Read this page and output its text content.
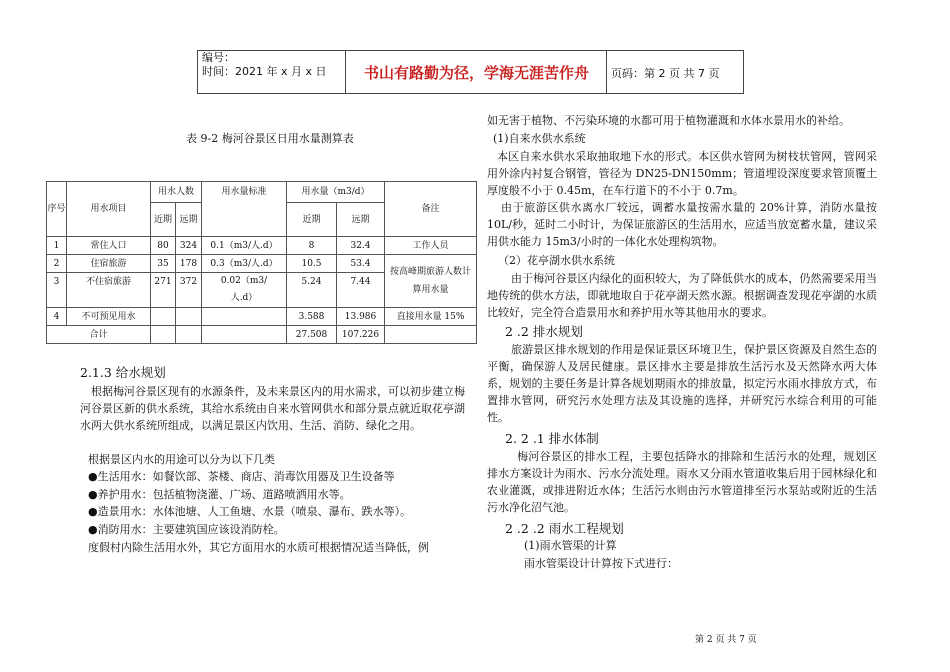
编号：
时间：2021 年 x 月 x 日	书山有路勤为径，学海无涯苦作舟	页码：第 2 页 共 7 页
表 9-2 梅河谷景区日用水量测算表
序号	用水项目	用水人数		用水量标准	用水量（m3/d）		备注
		近期	远期		近期	远期	
1	常住人口	80	324	0.1（m3/人.d）	8	32.4	工作人员
2	住宿旅游	35	178	0.3（m3/人.d）	10.5	53.4	按高峰期旅游人数计算用水量
3	不住宿旅游	271	372	0.02（m3/人.d）	5.24	7.44	
4	不可预见用水				3.588	13.986	直接用水量 15%
合计					27.508	107.226	
2.1.3 给水规划
根据梅河谷景区现有的水源条件，及未来景区内的用水需求，可以初步建立梅河谷景区新的供水系统，其给水系统由自来水管网供水和部分景点就近取花亭湖水两大供水系统所组成，以满足景区内饮用、生活、消防、绿化之用。
根据景区内水的用途可以分为以下几类
●生活用水：如餐饮部、茶楼、商店、消毒饮用器及卫生设备等
●养护用水：包括植物浇灌、广场、道路喷洒用水等。
●造景用水：水体池塘、人工鱼塘、水景（喷泉、瀑布、跌水等）。
●消防用水：主要建筑国应该设消防栓。
度假村内除生活用水外，其它方面用水的水质可根据情况适当降低，例
如无害于植物、不污染环境的水都可用于植物灌溉和水体水景用水的补给。
(1)自来水供水系统
本区自来水供水采取抽取地下水的形式。本区供水管网为树枝状管网，管网采用外涂内衬复合钢管，管径为 DN25-DN150mm；管道埋设深度要求管顶覆土厚度般不小于 0.45m，在车行道下的不小于 0.7m。
由于旅游区供水离水厂较远，调蓄水量按需水量的 20%计算，消防水量按 10L/秒，延时二小时计，为保证旅游区的生活用水，应适当放宽蓄水量，建议采用供水能力 15m3/小时的一体化水处理构筑物。
（2）花亭湖水供水系统
由于梅河谷景区内绿化的面积较大，为了降低供水的成本，仍然需要采用当地传统的供水方法，即就地取自于花亭湖天然水源。根据调查发现花亭湖的水质比较好，完全符合造景用水和养护用水等其他用水的要求。
2 .2 排水规划
旅游景区排水规划的作用是保证景区环境卫生，保护景区资源及自然生态的平衡，确保游人及居民健康。景区排水主要是排放生活污水及天然降水两大体系，规划的主要任务是计算各规划期雨水的排放量，拟定污水雨水排放方式，布置排水管网，研究污水处理方法及其设施的选择，并研究污水综合利用的可能性。
2. 2 .1 排水体制
梅河谷景区的排水工程，主要包括降水的排除和生活污水的处理，规划区排水方案设计为雨水、污水分流处理。雨水又分雨水管道收集后用于园林绿化和农业灌溉，或排进附近水体；生活污水则由污水管道排至污水泵站或附近的生活污水净化沼气池。
2 .2 .2 雨水工程规划
(1)雨水管渠的计算
雨水管渠设计计算按下式进行：
第 2 页 共 7 页
